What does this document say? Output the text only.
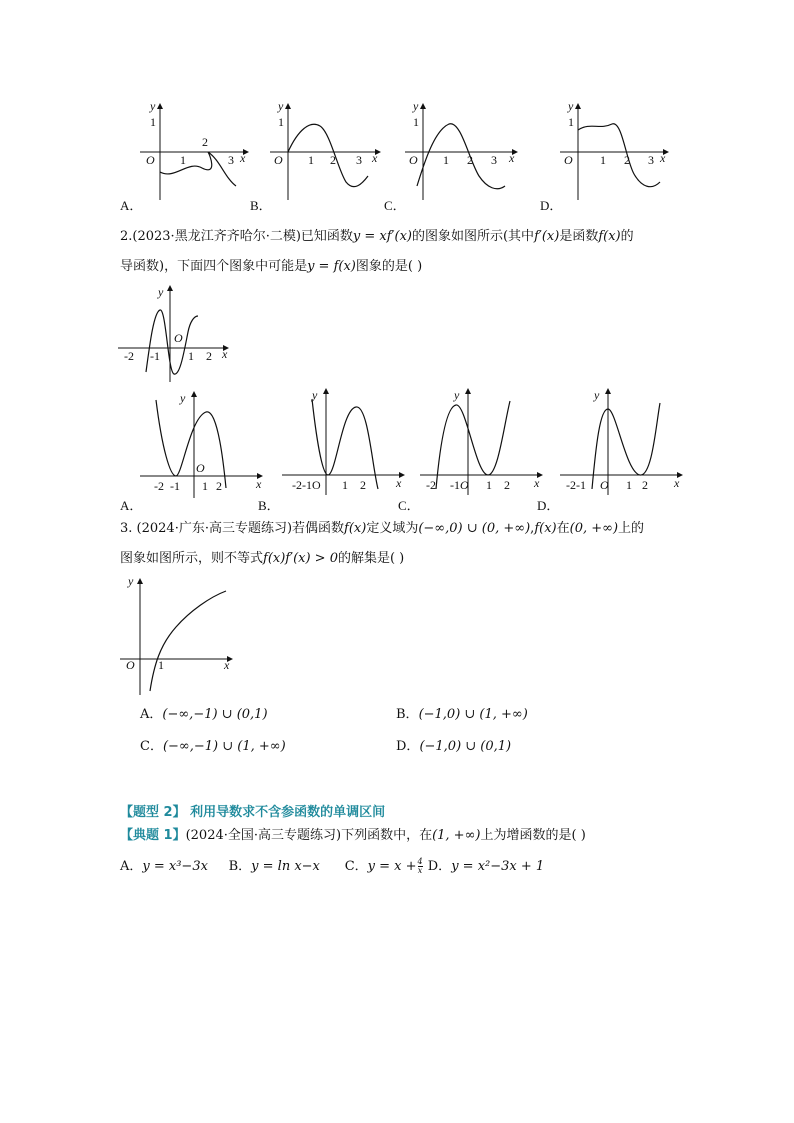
y
1
O 1
2
3 x
y
1
O 1 2 3 x
y
1
O 1 2 3 x
y
1
O 1 2 3 x
A．	B．	C．	D．
2.(2023·黑龙江齐齐哈尔·二模)已知函数y = xf′(x)的图象如图所示(其中f′(x)是函数f(x)的
导函数)，下面四个图象中可能是y = f(x)图象的是( )
y
O
-2 -1 1 2 x
y
O
-2 -1 1 2	x
y
-2-1O 1 2	x
y
-2 -1 O 1 2 x
y
-2-1 O 1 2 x
A．	B．	C．	D．
3. (2024·广东·高三专题练习)若偶函数f(x)定义域为(−∞,0) ∪ (0, +∞),f(x)在(0, +∞)上的
图象如图所示，则不等式f(x)f′(x) > 0的解集是( )
y
O 1	x
A．(−∞,−1) ∪ (0,1)	B．(−1,0) ∪ (1, +∞)
C．(−∞,−1) ∪ (1, +∞)	D．(−1,0) ∪ (0,1)
【题型 2】 利用导数求不含参函数的单调区间
【典题 1】(2024·全国·高三专题练习)下列函数中，在(1, +∞)上为增函数的是( )
A．y = x³−3x B．y = ln x−x C．$y = x + \frac{4}{x}$ D．y = x²−3x + 1
